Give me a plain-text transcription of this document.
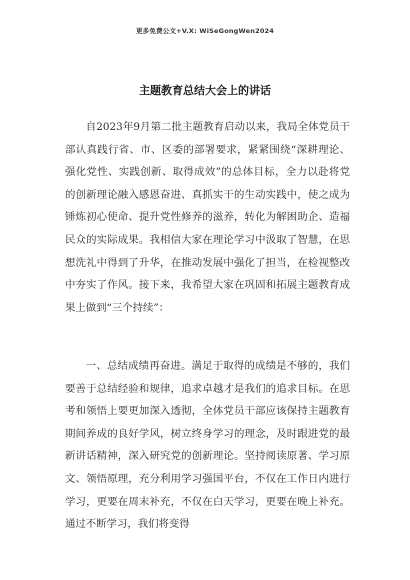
更多免费公文+V.X: WiSeGongWen2024
主题教育总结大会上的讲话

自2023年9月第二批主题教育启动以来，我局全体党员干部认真践行省、市、区委的部署要求，紧紧围绕“深耕理论、强化党性、实践创新、取得成效”的总体目标，全力以赴将党的创新理论融入感恩奋进、真抓实干的生动实践中，使之成为锤炼初心使命、提升党性修养的滋养，转化为解困助企、造福民众的实际成果。我相信大家在理论学习中汲取了智慧，在思想洗礼中得到了升华，在推动发展中强化了担当，在检视整改中夯实了作风。接下来，我希望大家在巩固和拓展主题教育成果上做到“三个持续”：

一、总结成绩再奋进。满足于取得的成绩是不够的，我们要善于总结经验和规律，追求卓越才是我们的追求目标。在思考和领悟上要更加深入透彻，全体党员干部应该保持主题教育期间养成的良好学风，树立终身学习的理念，及时跟进党的最新讲话精神，深入研究党的创新理论。坚持阅读原著、学习原文、领悟原理，充分利用学习强国平台，不仅在工作日内进行学习，更要在周末补充，不仅在白天学习，更要在晚上补充。通过不断学习，我们将变得
